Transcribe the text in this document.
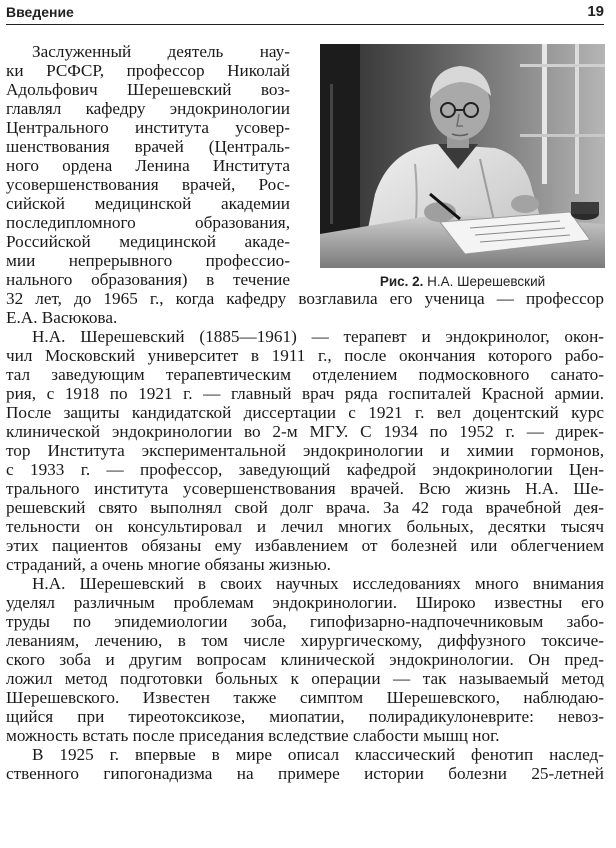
Введение	19
Рис. 2. Н.А. Шерешевский
Заслуженный деятель нау-
ки РСФСР, профессор Николай
Адольфович Шерешевский воз-
главлял кафедру эндокринологии
Центрального института усовер-
шенствования врачей (Централь-
ного ордена Ленина Института
усовершенствования врачей, Рос-
сийской медицинской академии
последипломного образования,
Российской медицинской акаде-
мии непрерывного профессио-
нального образования) в течение
32 лет, до 1965 г., когда кафедру возглавила его ученица — профессор
Е.А. Васюкова.
Н.А. Шерешевский (1885—1961) — терапевт и эндокринолог, окон-
чил Московский университет в 1911 г., после окончания которого рабо-
тал заведующим терапевтическим отделением подмосковного санато-
рия, с 1918 по 1921 г. — главный врач ряда госпиталей Красной армии.
После защиты кандидатской диссертации с 1921 г. вел доцентский курс
клинической эндокринологии во 2-м МГУ. С 1934 по 1952 г. — дирек-
тор Института экспериментальной эндокринологии и химии гормонов,
с 1933 г. — профессор, заведующий кафедрой эндокринологии Цен-
трального института усовершенствования врачей. Всю жизнь Н.А. Ше-
решевский свято выполнял свой долг врача. За 42 года врачебной дея-
тельности он консультировал и лечил многих больных, десятки тысяч
этих пациентов обязаны ему избавлением от болезней или облегчением
страданий, а очень многие обязаны жизнью.
Н.А. Шерешевский в своих научных исследованиях много внимания
уделял различным проблемам эндокринологии. Широко известны его
труды по эпидемиологии зоба, гипофизарно-надпочечниковым забо-
леваниям, лечению, в том числе хирургическому, диффузного токсиче-
ского зоба и другим вопросам клинической эндокринологии. Он пред-
ложил метод подготовки больных к операции — так называемый метод
Шерешевского. Известен также симптом Шерешевского, наблюдаю-
щийся при тиреотоксикозе, миопатии, полирадикулоневрите: невоз-
можность встать после приседания вследствие слабости мышц ног.
В 1925 г. впервые в мире описал классический фенотип наслед-
ственного гипогонадизма на примере истории болезни 25-летней
